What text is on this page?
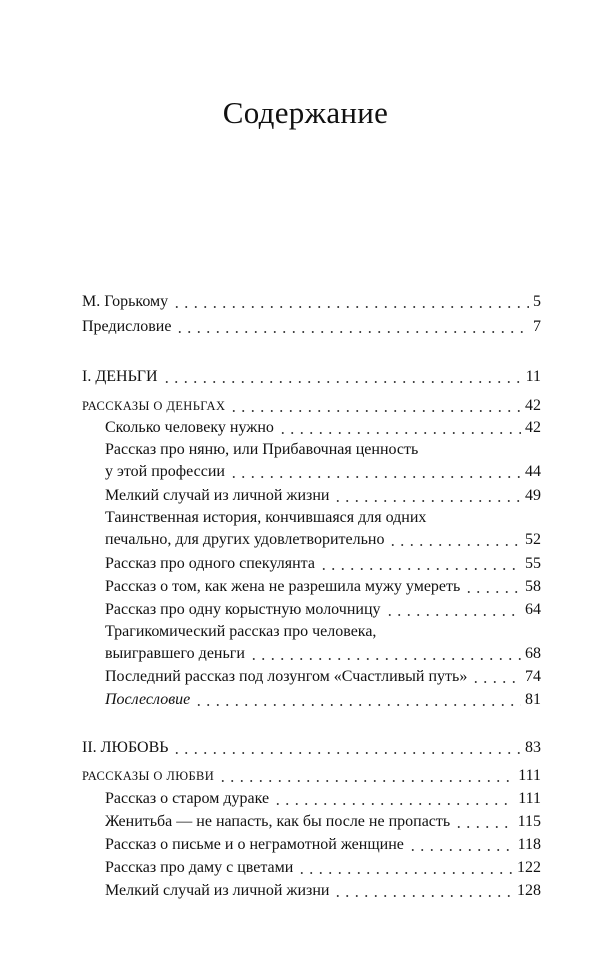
Содержание
М. Горькому	5
Предисловие	7
I. ДЕНЬГИ	11
РАССКАЗЫ О ДЕНЬГАХ	42
Сколько человеку нужно	42
Рассказ про няню, или Прибавочная ценность
у этой профессии	44
Мелкий случай из личной жизни	49
Таинственная история, кончившаяся для одних
печально, для других удовлетворительно	52
Рассказ про одного спекулянта	55
Рассказ о том, как жена не разрешила мужу умереть	58
Рассказ про одну корыстную молочницу	64
Трагикомический рассказ про человека,
выигравшего деньги	68
Последний рассказ под лозунгом «Счастливый путь»	74
Послесловие	81
II. ЛЮБОВЬ	83
РАССКАЗЫ О ЛЮБВИ	111
Рассказ о старом дураке	111
Женитьба — не напасть, как бы после не пропасть	115
Рассказ о письме и о неграмотной женщине	118
Рассказ про даму с цветами	122
Мелкий случай из личной жизни	128
